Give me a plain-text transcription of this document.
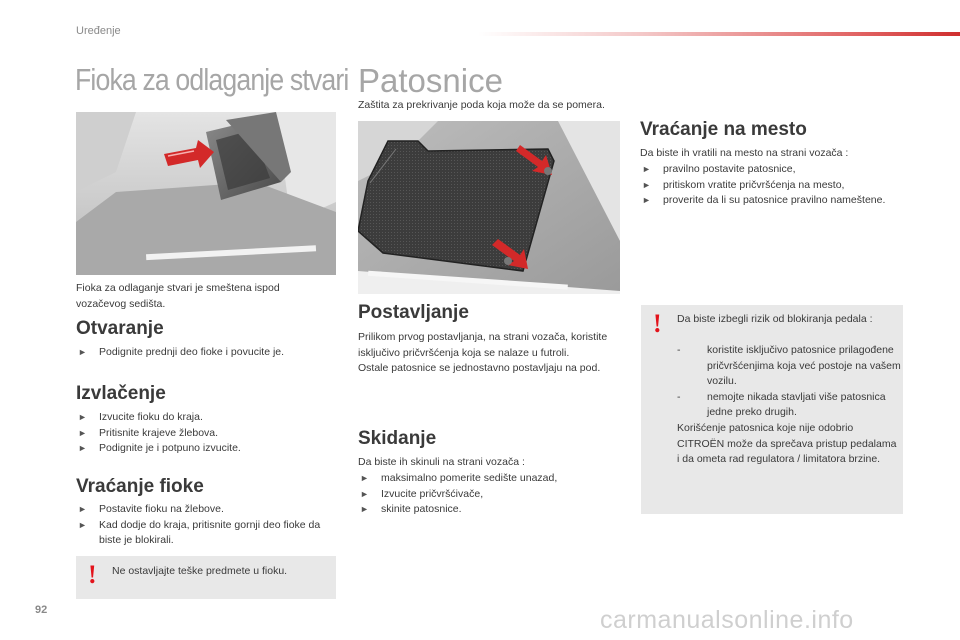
Uređenje
Fioka za odlaganje stvari Patosnice
Fioka za odlaganje stvari je smeštena ispod vozačevog sedišta.
Otvaranje
► Podignite prednji deo fioke i povucite je.
Izvlačenje
► Izvucite fioku do kraja.
► Pritisnite krajeve žlebova.
► Podignite je i potpuno izvucite.
Vraćanje fioke
► Postavite fioku na žlebove.
► Kad dodje do kraja, pritisnite gornji deo fioke da biste je blokirali.
! Ne ostavljajte teške predmete u fioku.
Zaštita za prekrivanje poda koja može da se pomera.
Postavljanje
Prilikom prvog postavljanja, na strani vozača, koristite isključivo pričvršćenja koja se nalaze u futroli.
Ostale patosnice se jednostavno postavljaju na pod.
Skidanje
Da biste ih skinuli na strani vozača :
► maksimalno pomerite sedište unazad,
► Izvucite pričvršćivače,
► skinite patosnice.
Vraćanje na mesto
Da biste ih vratili na mesto na strani vozača :
► pravilno postavite patosnice,
► pritiskom vratite pričvršćenja na mesto,
► proverite da li su patosnice pravilno nameštene.
! Da biste izbegli rizik od blokiranja pedala :
-	koristite isključivo patosnice prilagođene pričvršćenjima koja već postoje na vašem vozilu.
-	nemojte nikada stavljati više patosnica jedne preko drugih.
Korišćenje patosnica koje nije odobrio CITROËN može da sprečava pristup pedalama i da ometa rad regulatora / limitatora brzine.
92	carmanualsonline.info
